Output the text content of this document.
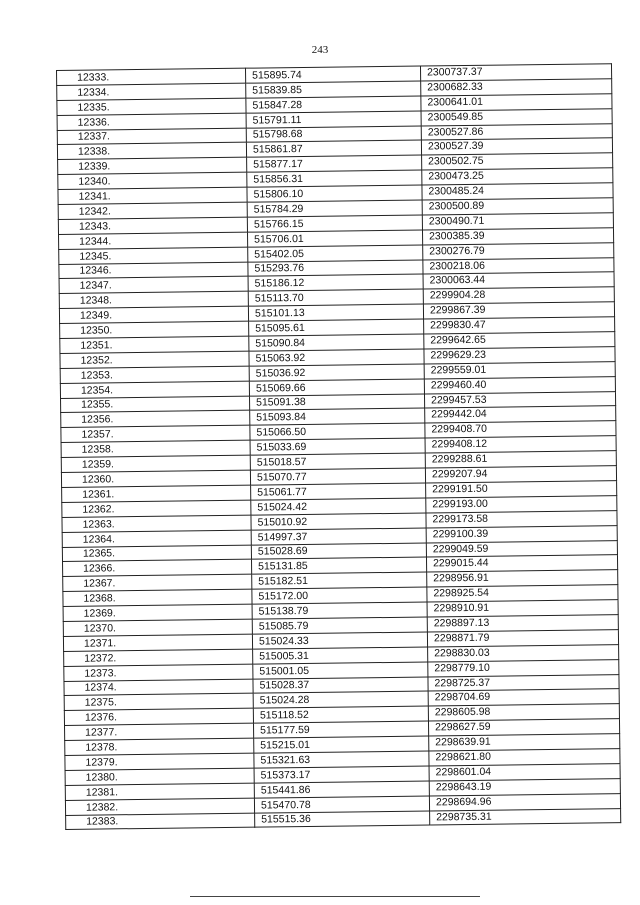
243
12333.	515895.74	2300737.37
12334.	515839.85	2300682.33
12335.	515847.28	2300641.01
12336.	515791.11	2300549.85
12337.	515798.68	2300527.86
12338.	515861.87	2300527.39
12339.	515877.17	2300502.75
12340.	515856.31	2300473.25
12341.	515806.10	2300485.24
12342.	515784.29	2300500.89
12343.	515766.15	2300490.71
12344.	515706.01	2300385.39
12345.	515402.05	2300276.79
12346.	515293.76	2300218.06
12347.	515186.12	2300063.44
12348.	515113.70	2299904.28
12349.	515101.13	2299867.39
12350.	515095.61	2299830.47
12351.	515090.84	2299642.65
12352.	515063.92	2299629.23
12353.	515036.92	2299559.01
12354.	515069.66	2299460.40
12355.	515091.38	2299457.53
12356.	515093.84	2299442.04
12357.	515066.50	2299408.70
12358.	515033.69	2299408.12
12359.	515018.57	2299288.61
12360.	515070.77	2299207.94
12361.	515061.77	2299191.50
12362.	515024.42	2299193.00
12363.	515010.92	2299173.58
12364.	514997.37	2299100.39
12365.	515028.69	2299049.59
12366.	515131.85	2299015.44
12367.	515182.51	2298956.91
12368.	515172.00	2298925.54
12369.	515138.79	2298910.91
12370.	515085.79	2298897.13
12371.	515024.33	2298871.79
12372.	515005.31	2298830.03
12373.	515001.05	2298779.10
12374.	515028.37	2298725.37
12375.	515024.28	2298704.69
12376.	515118.52	2298605.98
12377.	515177.59	2298627.59
12378.	515215.01	2298639.91
12379.	515321.63	2298621.80
12380.	515373.17	2298601.04
12381.	515441.86	2298643.19
12382.	515470.78	2298694.96
12383.	515515.36	2298735.31
